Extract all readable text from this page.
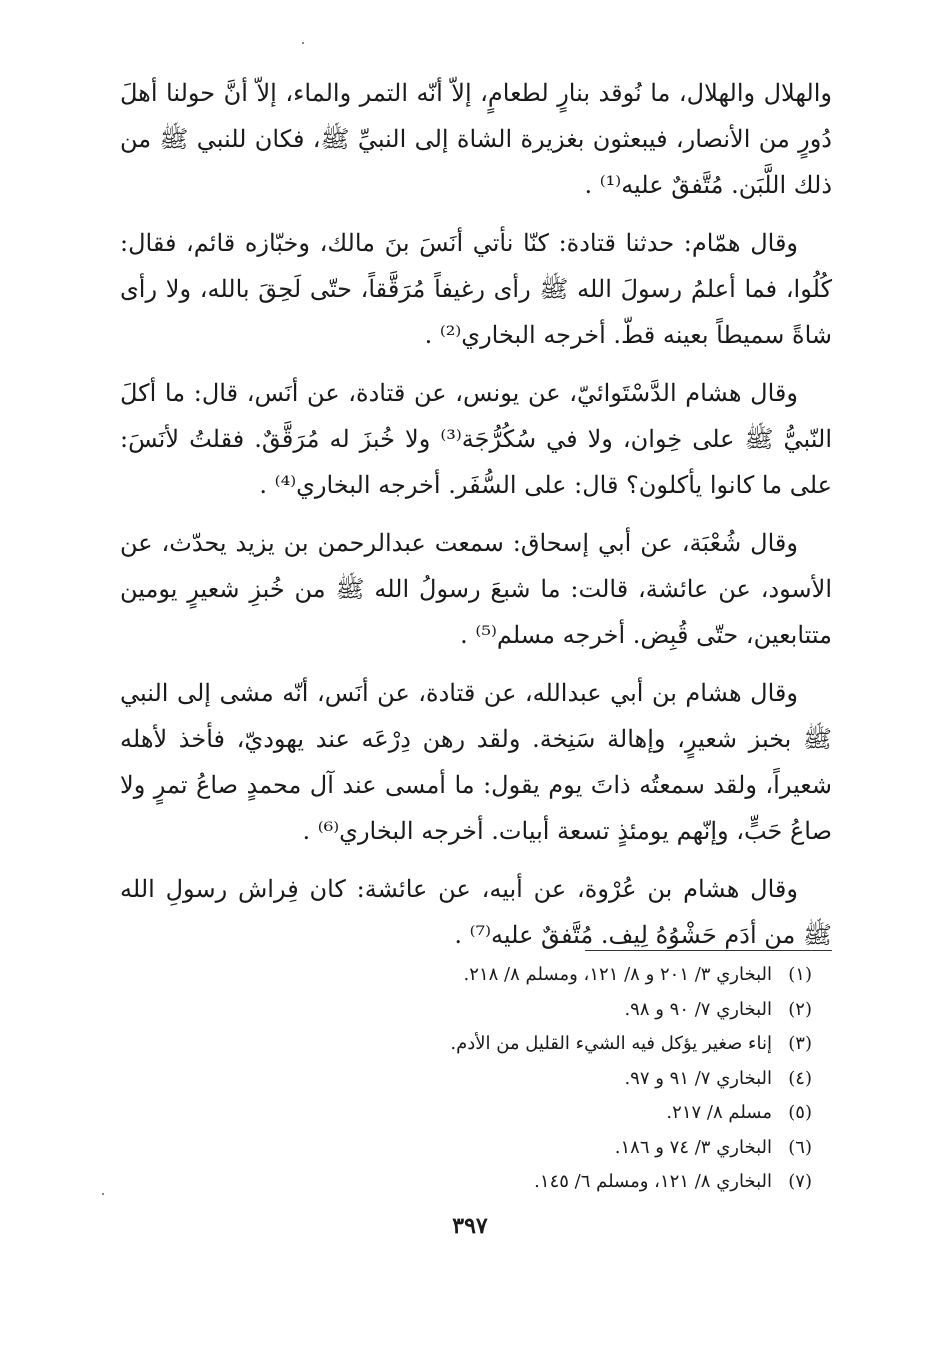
والهلال والهلال، ما نُوقد بنارٍ لطعامٍ، إلاّ أنّه التمر والماء، إلاّ أنَّ حولنا أهلَ دُورٍ من الأنصار، فيبعثون بغزيرة الشاة إلى النبيِّ ﷺ، فكان للنبي ﷺ من ذلك اللَّبَن. مُتَّفقٌ عليه⁽¹⁾ .

وقال همّام: حدثنا قتادة: كنّا نأتي أنَسَ بنَ مالك، وخبّازه قائم، فقال: كُلُوا، فما أعلمُ رسولَ الله ﷺ رأى رغيفاً مُرَقَّقاً، حتّى لَحِقَ بالله، ولا رأى شاةً سميطاً بعينه قطّ. أخرجه البخاري⁽²⁾ .

وقال هشام الدَّسْتَوائيّ، عن يونس، عن قتادة، عن أنَس، قال: ما أكلَ النّبيُّ ﷺ على خِوان، ولا في سُكُرُّجَة⁽³⁾ ولا خُبزَ له مُرَقَّقٌ. فقلتُ لأنَسَ: على ما كانوا يأكلون؟ قال: على السُّفَر. أخرجه البخاري⁽⁴⁾ .

وقال شُعْبَة، عن أبي إسحاق: سمعت عبدالرحمن بن يزيد يحدّث، عن الأسود، عن عائشة، قالت: ما شبعَ رسولُ الله ﷺ من خُبزِ شعيرٍ يومين متتابعين، حتّى قُبِض. أخرجه مسلم⁽⁵⁾ .

وقال هشام بن أبي عبدالله، عن قتادة، عن أنَس، أنّه مشى إلى النبي ﷺ بخبز شعيرٍ، وإهالة سَنِخة. ولقد رهن دِرْعَه عند يهوديّ، فأخذ لأهله شعيراً، ولقد سمعتُه ذاتَ يوم يقول: ما أمسى عند آل محمدٍ صاعُ تمرٍ ولا صاعُ حَبٍّ، وإنّهم يومئذٍ تسعة أبيات. أخرجه البخاري⁽⁶⁾ .

وقال هشام بن عُرْوة، عن أبيه، عن عائشة: كان فِراش رسولِ الله ﷺ من أدَم حَشْوُهُ لِيف. مُتَّفقٌ عليه⁽⁷⁾ .

(١)البخاري ٣/ ٢٠١ و ٨/ ١٢١، ومسلم ٨/ ٢١٨.
(٢)البخاري ٧/ ٩٠ و ٩٨.
(٣)إناء صغير يؤكل فيه الشيء القليل من الأدم.
(٤)البخاري ٧/ ٩١ و ٩٧.
(٥)مسلم ٨/ ٢١٧.
(٦)البخاري ٣/ ٧٤ و ١٨٦.
(٧)البخاري ٨/ ١٢١، ومسلم ٦/ ١٤٥.
٣٩٧
